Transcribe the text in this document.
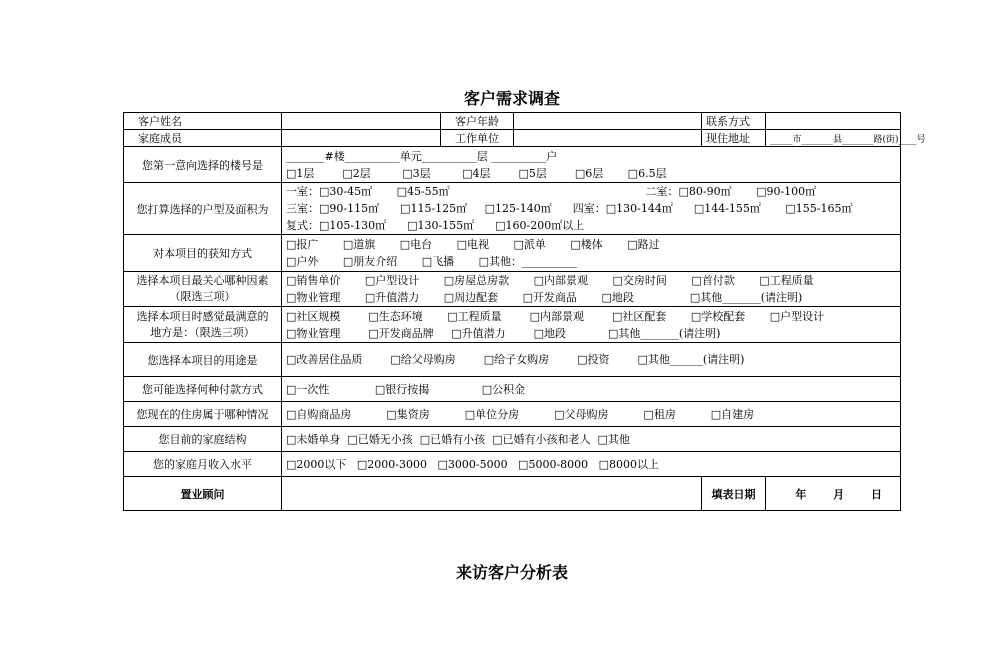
客户需求调查
客户姓名		客户年龄		联系方式	
家庭成员		工作单位		现住地址	_____市_______县_______路(街)____号
您第一意向选择的楼号是	_______#楼__________单元__________层 __________户
□1层        □2层         □3层         □4层        □5层        □6层       □6.5层				

您打算选择的户型及面积为	一室：□30-45㎡       □45-55㎡                                                        二室：□80-90㎡       □90-100㎡
三室：□90-115㎡      □115-125㎡     □125-140㎡      四室：□130-144㎡      □144-155㎡       □155-165㎡
复式：□105-130㎡      □130-155㎡      □160-200㎡以上				

对本项目的获知方式	□报广       □道旗       □电台       □电视       □派单       □楼体       □路过
□户外       □朋友介绍       □飞播       □其他：__________				

选择本项目最关心哪种因素
（限选三项）	□销售单价       □户型设计       □房屋总房款       □内部景观       □交房时间       □首付款       □工程质量
□物业管理       □升值潜力       □周边配套       □开发商品       □地段                □其他_______(请注明)				

选择本项目时感觉最满意的
地方是：（限选三项）	□社区规模        □生态环境       □工程质量        □内部景观        □社区配套       □学校配套       □户型设计
□物业管理        □开发商品牌     □升值潜力        □地段            □其他_______(请注明)				

您选择本项目的用途是	□改善居住品质        □给父母购房        □给子女购房        □投资        □其他______(请注明)				

您可能选择何种付款方式	□一次性             □银行按揭               □公积金				

您现在的住房属于哪种情况	□自购商品房          □集资房          □单位分房          □父母购房          □租房          □自建房				

您目前的家庭结构	□未婚单身  □已婚无小孩  □已婚有小孩  □已婚有小孩和老人  □其他				

您的家庭月收入水平	□2000以下   □2000-3000   □3000-5000   □5000-8000   □8000以上				

置业顾问				填表日期	年       月       日
来访客户分析表
